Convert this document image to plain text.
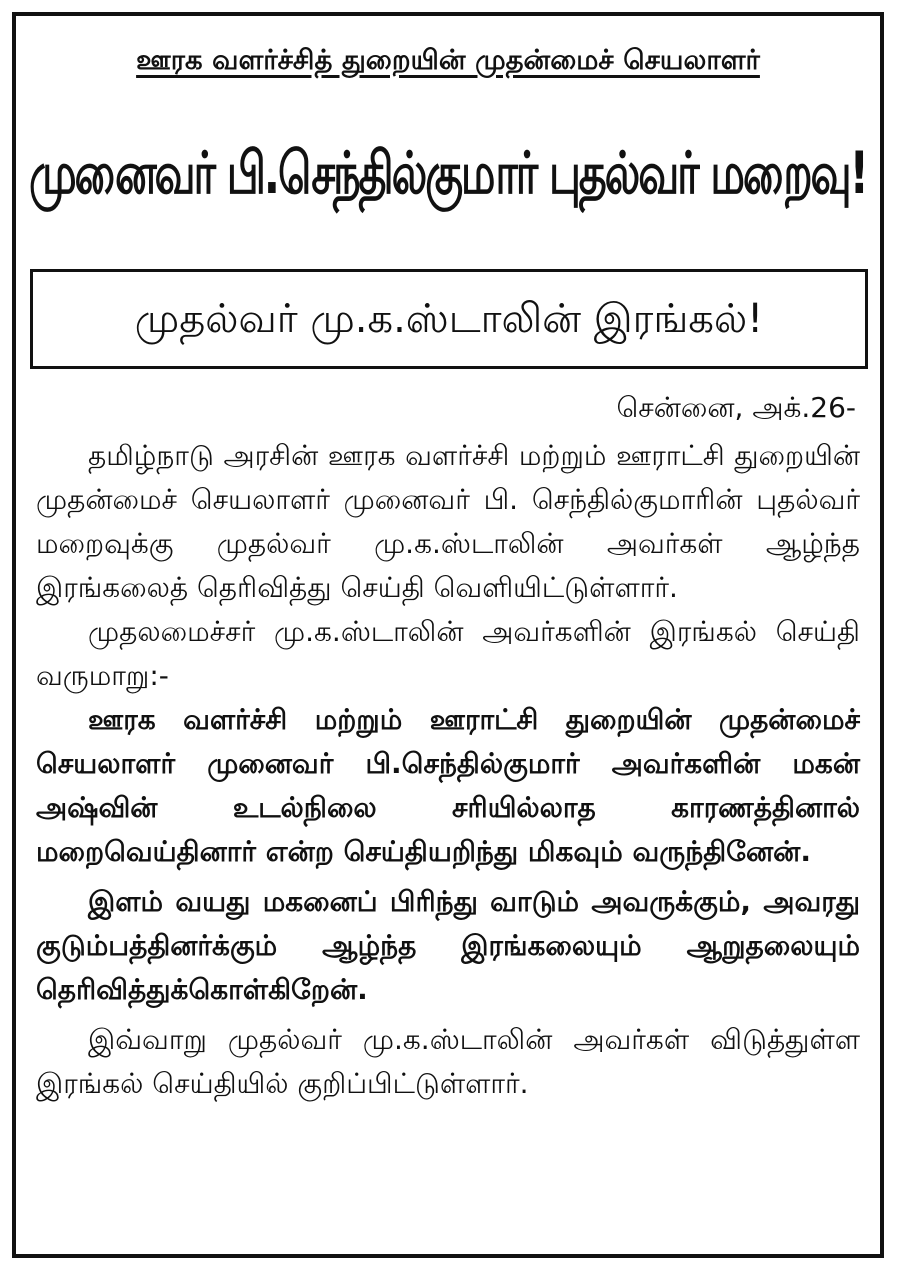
ஊரக வளர்ச்சித் துறையின் முதன்மைச் செயலாளர்
முனைவர் பி.செந்தில்குமார் புதல்வர் மறைவு!
முதல்வர் மு.க.ஸ்டாலின் இரங்கல்!
சென்னை, அக்.26-

தமிழ்நாடு அரசின் ஊரக வளர்ச்சி மற்றும் ஊராட்சி துறையின் முதன்மைச் செயலாளர் முனைவர் பி. செந்தில்குமாரின் புதல்வர் மறைவுக்கு முதல்வர் மு.க.ஸ்டாலின் அவர்கள் ஆழ்ந்த இரங்கலைத் தெரிவித்து செய்தி வெளியிட்டுள்ளார்.

முதலமைச்சர் மு.க.ஸ்டாலின் அவர்களின் இரங்கல் செய்தி வருமாறு:-

ஊரக வளர்ச்சி மற்றும் ஊராட்சி துறையின் முதன்மைச் செயலாளர் முனைவர் பி.செந்தில்குமார் அவர்களின் மகன் அஷ்வின் உடல்நிலை சரியில்லாத காரணத்தினால் மறைவெய்தினார் என்ற செய்தியறிந்து மிகவும் வருந்தினேன்.

இளம் வயது மகனைப் பிரிந்து வாடும் அவருக்கும், அவரது குடும்பத்தினர்க்கும் ஆழ்ந்த இரங்கலையும் ஆறுதலையும் தெரிவித்துக்கொள்கிறேன்.

இவ்வாறு முதல்வர் மு.க.ஸ்டாலின் அவர்கள் விடுத்துள்ள இரங்கல் செய்தியில் குறிப்பிட்டுள்ளார்.
